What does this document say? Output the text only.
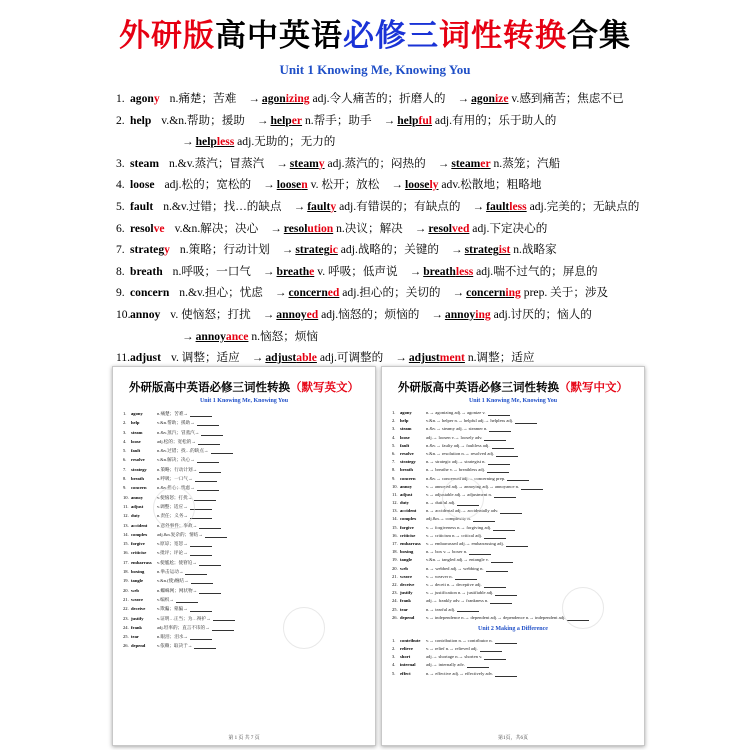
外研版高中英语必修三词性转换合集
Unit 1 Knowing Me, Knowing You
1. agony n.痛楚；苦难 → agonizing adj.令人痛苦的；折磨人的 → agonize v.感到痛苦；焦虑不已
2. help v.&n.帮助；援助 → helper n.帮手；助手 → helpful adj.有用的；乐于助人的
→ helpless adj.无助的；无力的
3. steam n.&v.蒸汽；冒蒸汽 → steamy adj.蒸汽的；闷热的 → steamer n.蒸笼；汽船
4. loose adj.松的；宽松的 → loosen v. 松开；放松 → loosely adv.松散地；粗略地
5. fault n.&v.过错；找…的缺点 → faulty adj.有错误的；有缺点的 → faultless adj.完美的；无缺点的
6. resolve v.&n.解决；决心 → resolution n.决议；解决 → resolved adj.下定决心的
7. strategy n.策略；行动计划 → strategic adj.战略的；关键的 → strategist n.战略家
8. breath n.呼吸；一口气 → breathe v. 呼吸；低声说 → breathless adj.喘不过气的；屏息的
9. concern n.&v.担心；忧虑 → concerned adj.担心的；关切的 → concerning prep. 关于；涉及
10.annoy v. 使恼怒；打扰 → annoyed adj.恼怒的；烦恼的 → annoying adj.讨厌的；恼人的
→ annoyance n.恼怒；烦恼
11.adjust v. 调整；适应 → adjustable adj.可调整的 → adjustment n.调整；适应
外研版高中英语必修三词性转换（默写英文）
Unit 1 Knowing Me, Knowing You
1. agony	n.痛楚；苦难→
2. help	v.&n.帮助；援助→
3. steam	n.&v.蒸汽；冒蒸汽→
4. loose	adj.松的；宽松的→
5. fault	n.&v.过错；找…的缺点→
6. resolve	v.&n.解决；决心→
7. strategy n.策略；行动计划→
8. breath	n.呼吸；一口气→
9. concern n.&v.担心；忧虑→
10. annoy	v.使恼怒；打扰→
11. adjust	v.调整；适应→
12. duty	n.责任；义务→
13. accident n.意外事件；事故→
14. complex adj.&n.复杂的；情结→
15. forgive	v.原谅；宽恕→
16. criticise v.批评；评论→
17. embarrass v.使尴尬；使窘迫→
18. boxing	n.拳击运动→
19. tangle	v.&n.(使)缠结→
20. web	n.蜘蛛网；网状物→
21. weave	v.编织→
22. deceive	v.欺骗；蒙骗→
23. justify	v.证明…正当；为…辩护→
24. frank	adj.坦率的；直言不讳的→
25. tear	n.眼泪；泪水→
26. depend	v.依赖；取决于→
第 1 页 共 7 页
外研版高中英语必修三词性转换（默写中文）
Unit 1 Knowing Me, Knowing You
1. agony	n.→ agonizing adj.→ agonize v.
2. help	v.&n.→ helper n.→ helpful adj.→ helpless adj.
3. steam	n.&v.→ steamy adj.→ steamer n.
4. loose	adj.→ loosen v.→ loosely adv.
5. fault	n.&v.→ faulty adj.→ faultless adj.
6. resolve	v.&n.→ resolution n.→ resolved adj.
7. strategy n.→ strategic adj.→ strategist n.
8. breath	n.→ breathe v.→ breathless adj.
9. concern n.&v.→ concerned adj.→ concerning prep.
10. annoy	v.→ annoyed adj.→ annoying adj.→ annoyance n.
11. adjust	v.→ adjustable adj.→ adjustment n.
12. duty	n.→ dutiful adj.
13. accident n.→ accidental adj.→ accidentally adv.
14. complex adj.&n.→ complexity n.
15. forgive	v.→ forgiveness n.→ forgiving adj.
16. criticise v.→ criticism n.→ critical adj.
17. embarrass v.→ embarrassed adj.→ embarrassing adj.
18. boxing	n.→ box v.→ boxer n.
19. tangle	v.&n.→ tangled adj.→ entangle v.
20. web	n.→ webbed adj.→ webbing n.
21. weave	v.→ weaver n.
22. deceive	v.→ deceit n.→ deceptive adj.
23. justify	v.→ justification n.→ justifiable adj.
24. frank	adj.→ frankly adv.→ frankness n.
25. tear	n.→ tearful adj.
26. depend	v.→ independence n.→ dependent adj.→ dependence n.→ independent adj.
Unit 2 Making a Difference
1. contribute v.→ contribution n.→ contributor n.
2. relieve	v.→ relief n.→ relieved adj.
3. short	adj.→ shortage n.→ shorten v.
4. internal adj.→ internally adv.
5. effect	n.→ effective adj.→ effectively adv.
第1页，共6页
